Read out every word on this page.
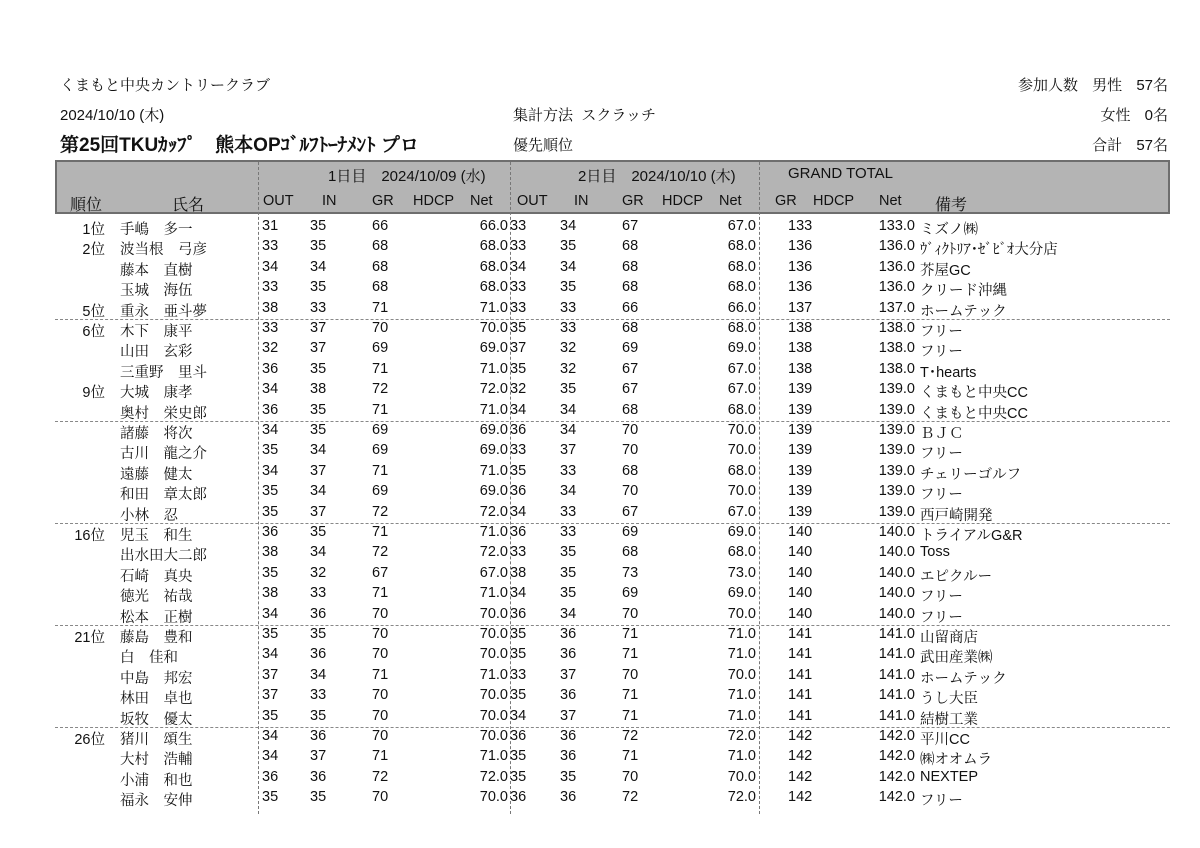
くまもと中央カントリークラブ
2024/10/10 (木)
第25回TKUｶｯﾌﾟ　熊本OPｺﾞﾙﾌﾄｰﾅﾒﾝﾄ プロ
集計方法 スクラッチ
優先順位
参加人数 男性 57名
女性 0名
合計 57名
1日目　2024/10/09 (水)	2日目　2024/10/10 (木)	GRAND TOTAL
順位	氏名	OUT IN GR HDCP Net OUT IN GR HDCP Net GR HDCP Net 備考
1位 手嶋　多一	31 35	66	66.0 33 34	67	67.0 133	133.0 ミズノ㈱
2位 波当根　弓彦	33 35	68	68.0 33 35	68	68.0 136	136.0 ｳﾞｨｸﾄﾘｱ･ｾﾞﾋﾞｵ大分店
藤本　直樹	34 34	68	68.0 34 34	68	68.0 136	136.0 芥屋GC
玉城　海伍	33 35	68	68.0 33 35	68	68.0 136	136.0 クリード沖縄
5位 重永　亜斗夢	38 33	71	71.0 33 33	66	66.0 137	137.0 ホームテック
6位 木下　康平	33 37	70	70.0 35 33	68	68.0 138	138.0 フリー
山田　玄彩	32 37	69	69.0 37 32	69	69.0 138	138.0 フリー
三重野　里斗	36 35	71	71.0 35 32	67	67.0 138	138.0 T･hearts
9位 大城　康孝	34 38	72	72.0 32 35	67	67.0 139	139.0 くまもと中央CC
奥村　栄史郎	36 35	71	71.0 34 34	68	68.0 139	139.0 くまもと中央CC
諸藤　将次	34 35	69	69.0 36 34	70	70.0 139	139.0 ＢＪＣ
古川　龍之介	35 34	69	69.0 33 37	70	70.0 139	139.0 フリー
遠藤　健太	34 37	71	71.0 35 33	68	68.0 139	139.0 チェリーゴルフ
和田　章太郎	35 34	69	69.0 36 34	70	70.0 139	139.0 フリー
小林　忍	35 37	72	72.0 34 33	67	67.0 139	139.0 西戸崎開発
16位 児玉　和生	36 35	71	71.0 36 33	69	69.0 140	140.0 トライアルG&R
出水田大二郎	38 34	72	72.0 33 35	68	68.0 140	140.0 Toss
石崎　真央	35 32	67	67.0 38 35	73	73.0 140	140.0 エピクルー
徳光　祐哉	38 33	71	71.0 34 35	69	69.0 140	140.0 フリー
松本　正樹	34 36	70	70.0 36 34	70	70.0 140	140.0 フリー
21位 藤島　豊和	35 35	70	70.0 35 36	71	71.0 141	141.0 山留商店
白　佳和	34 36	70	70.0 35 36	71	71.0 141	141.0 武田産業㈱
中島　邦宏	37 34	71	71.0 33 37	70	70.0 141	141.0 ホームテック
林田　卓也	37 33	70	70.0 35 36	71	71.0 141	141.0 うし大臣
坂牧　優太	35 35	70	70.0 34 37	71	71.0 141	141.0 結樹工業
26位 猪川　頌生	34 36	70	70.0 36 36	72	72.0 142	142.0 平川CC
大村　浩輔	34 37	71	71.0 35 36	71	71.0 142	142.0 ㈱オオムラ
小浦　和也	36 36	72	72.0 35 35	70	70.0 142	142.0 NEXTEP
福永　安伸	35 35	70	70.0 36 36	72	72.0 142	142.0 フリー
